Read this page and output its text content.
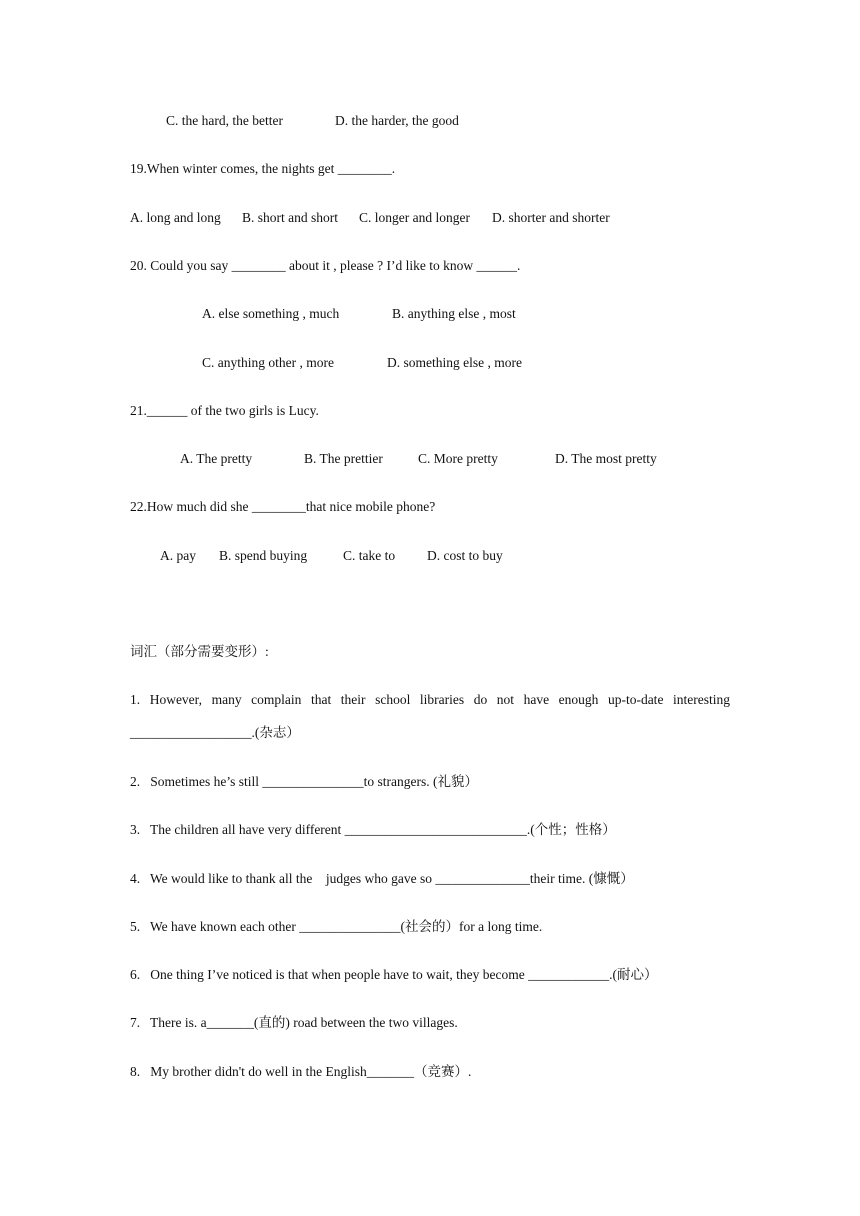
C. the hard, the better	D. the harder, the good
19.When winter comes, the nights get ________.
A. long and long B. short and short C. longer and longer D. shorter and shorter
20. Could you say ________ about it , please ? I’d like to know ______.
A. else something , much	B. anything else , most
C. anything other , more	D. something else , more
21.______ of the two girls is Lucy.
A. The pretty	B. The prettier	C. More pretty	D. The most pretty
22.How much did she ________that nice mobile phone?
A. pay B. spend buying	C. take to D. cost to buy
词汇（部分需要变形）:
1. However, many complain that their school libraries do not have enough up-to-date interesting
__________________.(杂志）
2.   Sometimes he’s still _______________to strangers. (礼貌）
3.   The children all have very different ___________________________.(个性；性格）
4.   We would like to thank all the    judges who gave so ______________their time. (慷慨）
5.   We have known each other _______________(社会的）for a long time.
6.   One thing I’ve noticed is that when people have to wait, they become ____________.(耐心）
7.   There is. a_______(直的) road between the two villages.
8.   My brother didn't do well in the English_______（竞赛）.
